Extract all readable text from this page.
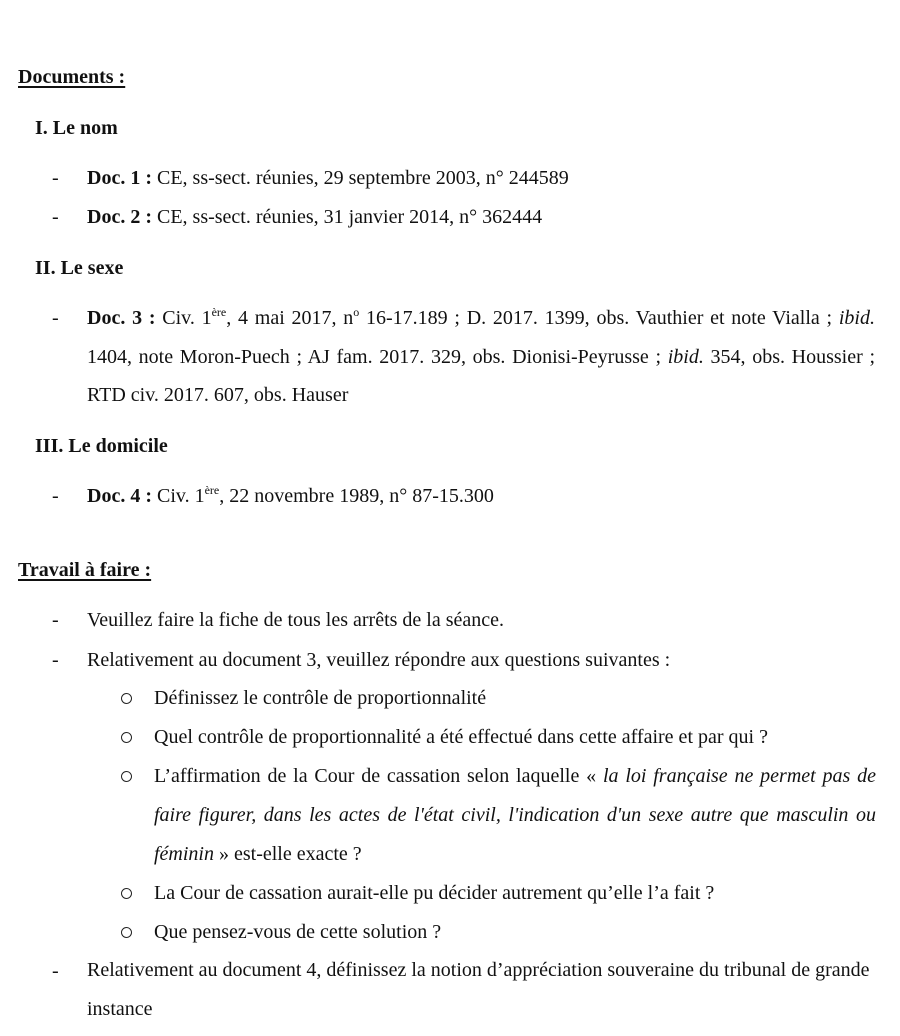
Documents :
I. Le nom
- Doc. 1 : CE, ss-sect. réunies, 29 septembre 2003, n° 244589
- Doc. 2 : CE, ss-sect. réunies, 31 janvier 2014, n° 362444
II. Le sexe
- Doc. 3 : Civ. 1ère, 4 mai 2017, $n^o$ 16-17.189 ; D. 2017. 1399, obs. Vauthier et note Vialla ; ibid. 1404, note Moron-Puech ; AJ fam. 2017. 329, obs. Dionisi-Peyrusse ; ibid. 354, obs. Houssier ; RTD civ. 2017. 607, obs. Hauser
III. Le domicile
- Doc. 4 : Civ. 1ère, 22 novembre 1989, n° 87-15.300
Travail à faire :
- Veuillez faire la fiche de tous les arrêts de la séance.
- Relativement au document 3, veuillez répondre aux questions suivantes :
Définissez le contrôle de proportionnalité
Quel contrôle de proportionnalité a été effectué dans cette affaire et par qui ?
L’affirmation de la Cour de cassation selon laquelle « la loi française ne permet pas de faire figurer, dans les actes de l'état civil, l'indication d'un sexe autre que masculin ou féminin » est-elle exacte ?
La Cour de cassation aurait-elle pu décider autrement qu’elle l’a fait ?
Que pensez-vous de cette solution ?
- Relativement au document 4, définissez la notion d’appréciation souveraine du tribunal de grande instance
